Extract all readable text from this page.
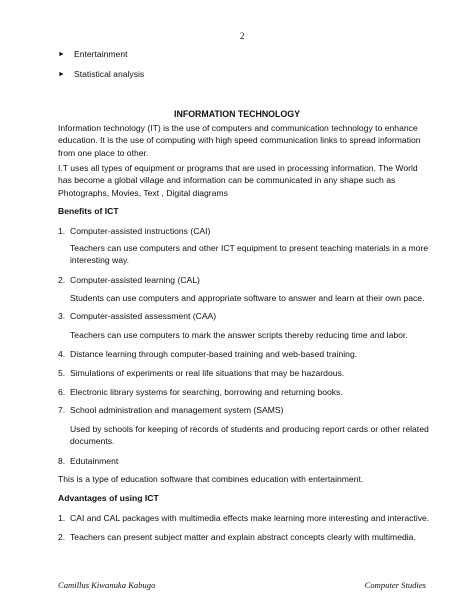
2
► Entertainment
► Statistical analysis
INFORMATION TECHNOLOGY
Information technology (IT) is the use of computers and communication technology to enhance education. It is the use of computing with high speed communication links to spread information from one place to other.
I.T uses all types of equipment or programs that are used in processing information. The World has become a global village and information can be communicated in any shape such as Photographs, Movies, Text , Digital diagrams
Benefits of ICT
1. Computer-assisted instructions (CAI)
Teachers can use computers and other ICT equipment to present teaching materials in a more interesting way.
2. Computer-assisted learning (CAL)
Students can use computers and appropriate software to answer and learn at their own pace.
3. Computer-assisted assessment (CAA)
Teachers can use computers to mark the answer scripts thereby reducing time and labor.
4. Distance learning through computer-based training and web-based training.
5. Simulations of experiments or real life situations that may be hazardous.
6. Electronic library systems for searching, borrowing and returning books.
7. School administration and management system (SAMS)
Used by schools for keeping of records of students and producing report cards or other related documents.
8. Edutainment
This is a type of education software that combines education with entertainment.
Advantages of using ICT
1. CAI and CAL packages with multimedia effects make learning more interesting and interactive.
2. Teachers can present subject matter and explain abstract concepts clearly with multimedia.
Camillus Kiwanuka Kabugo	Computer Studies
